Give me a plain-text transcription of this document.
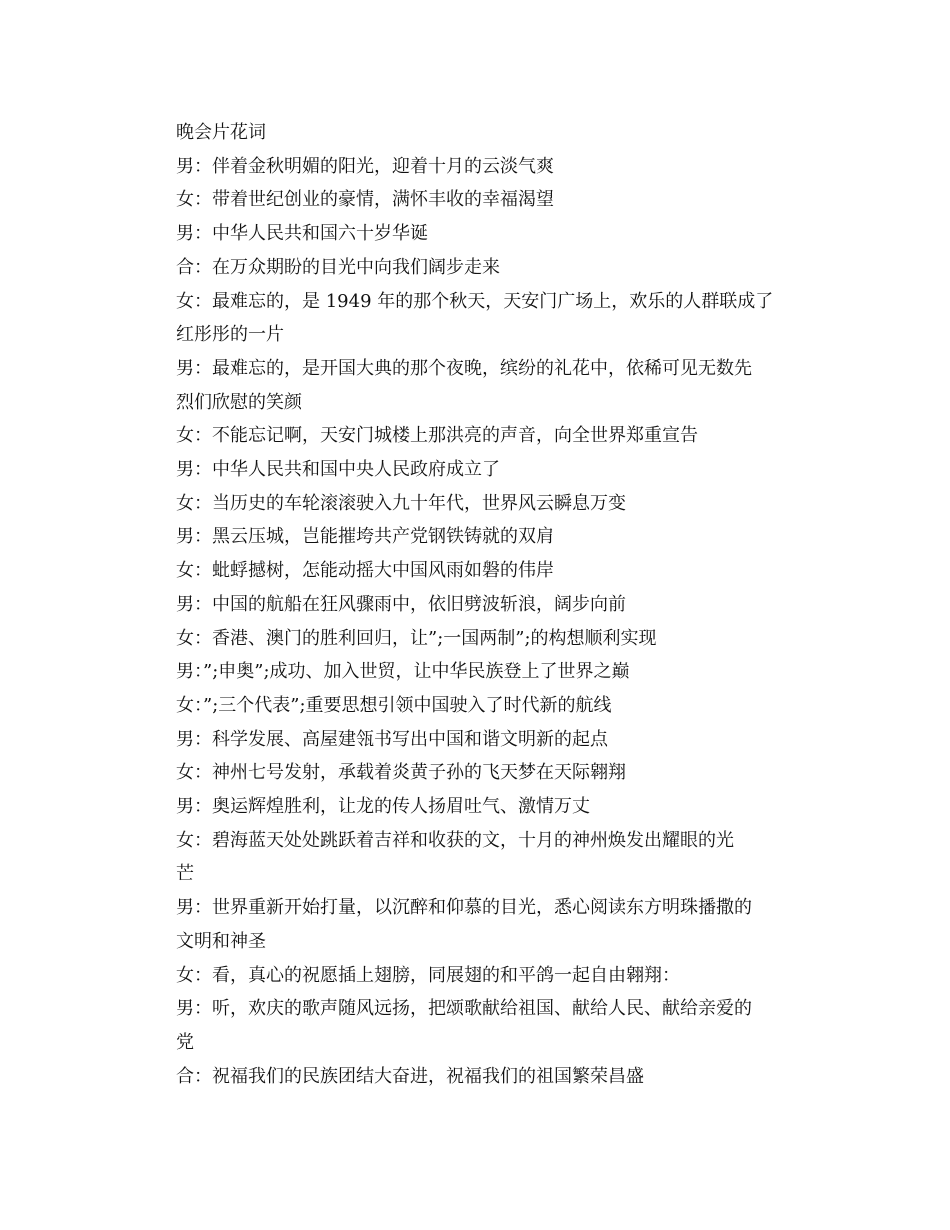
晚会片花词

男：伴着金秋明媚的阳光，迎着十月的云淡气爽

女：带着世纪创业的豪情，满怀丰收的幸福渴望

男：中华人民共和国六十岁华诞

合：在万众期盼的目光中向我们阔步走来

女：最难忘的，是 1949 年的那个秋天，天安门广场上，欢乐的人群联成了

红彤彤的一片

男：最难忘的，是开国大典的那个夜晚，缤纷的礼花中，依稀可见无数先

烈们欣慰的笑颜

女：不能忘记啊，天安门城楼上那洪亮的声音，向全世界郑重宣告

男：中华人民共和国中央人民政府成立了

女：当历史的车轮滚滚驶入九十年代，世界风云瞬息万变

男：黑云压城，岂能摧垮共产党钢铁铸就的双肩

女：蚍蜉撼树，怎能动摇大中国风雨如磐的伟岸

男：中国的航船在狂风骤雨中，依旧劈波斩浪，阔步向前

女：香港、澳门的胜利回归，让”;一国两制”;的构想顺利实现

男：”;申奥”;成功、加入世贸，让中华民族登上了世界之巅

女：”;三个代表”;重要思想引领中国驶入了时代新的航线

男：科学发展、高屋建瓴书写出中国和谐文明新的起点

女：神州七号发射，承载着炎黄子孙的飞天梦在天际翱翔

男：奥运辉煌胜利，让龙的传人扬眉吐气、激情万丈

女：碧海蓝天处处跳跃着吉祥和收获的文，十月的神州焕发出耀眼的光

芒

男：世界重新开始打量，以沉醉和仰慕的目光，悉心阅读东方明珠播撒的

文明和神圣

女：看，真心的祝愿插上翅膀，同展翅的和平鸽一起自由翱翔：

男：听，欢庆的歌声随风远扬，把颂歌献给祖国、献给人民、献给亲爱的

党

合：祝福我们的民族团结大奋进，祝福我们的祖国繁荣昌盛
